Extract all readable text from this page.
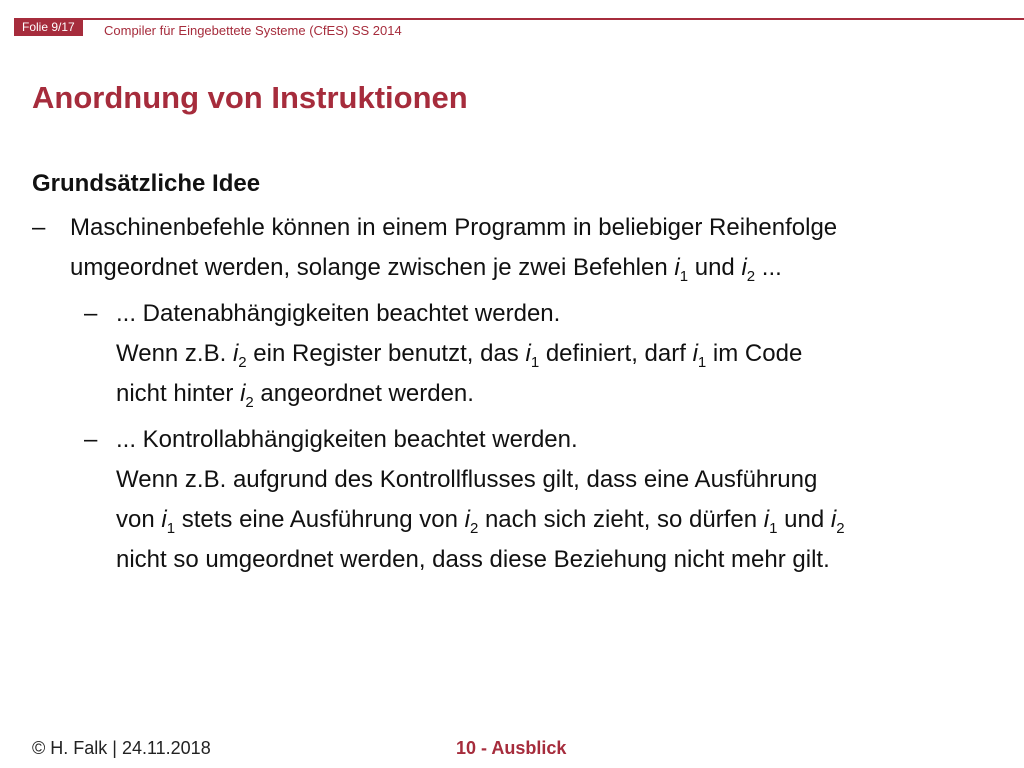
Folie 9/17	Compiler für Eingebettete Systeme (CfES) SS 2014
Anordnung von Instruktionen
Grundsätzliche Idee
– Maschinenbefehle können in einem Programm in beliebiger Reihenfolge
umgeordnet werden, solange zwischen je zwei Befehlen $i_1$ und $i_2$ ...
– ... Datenabhängigkeiten beachtet werden.
Wenn z.B. $i_2$ ein Register benutzt, das $i_1$ definiert, darf $i_1$ im Code
nicht hinter $i_2$ angeordnet werden.
– ... Kontrollabhängigkeiten beachtet werden.
Wenn z.B. aufgrund des Kontrollflusses gilt, dass eine Ausführung
von $i_1$ stets eine Ausführung von $i_2$ nach sich zieht, so dürfen $i_1$ und $i_2$
nicht so umgeordnet werden, dass diese Beziehung nicht mehr gilt.
© H. Falk | 24.11.2018	10 - Ausblick
